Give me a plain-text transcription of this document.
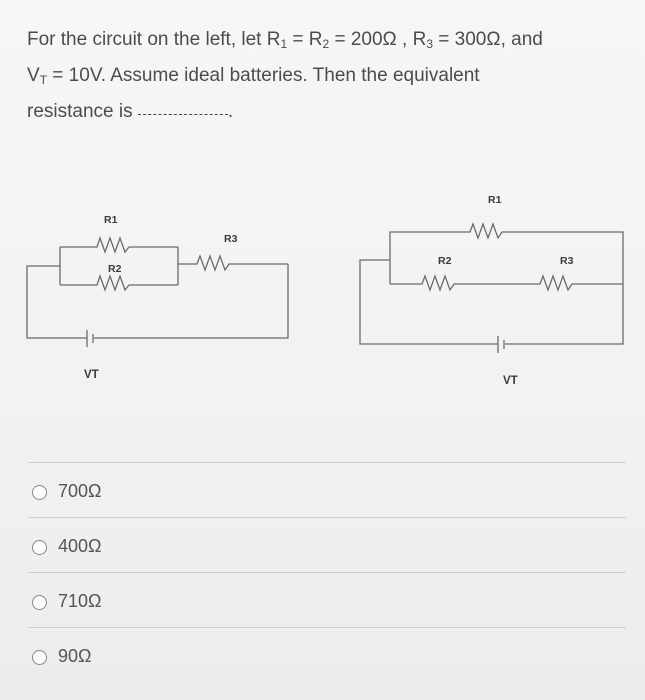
For the circuit on the left, let $R_1 = R_2 = 200\Omega$ , $R_3 = 300\Omega$, and
$V_T = 10V$. Assume ideal batteries. Then the equivalent
resistance is	.
R1
R2
R3
VT
R1
R2	R3
VT
700Ω
400Ω
710Ω
90Ω
